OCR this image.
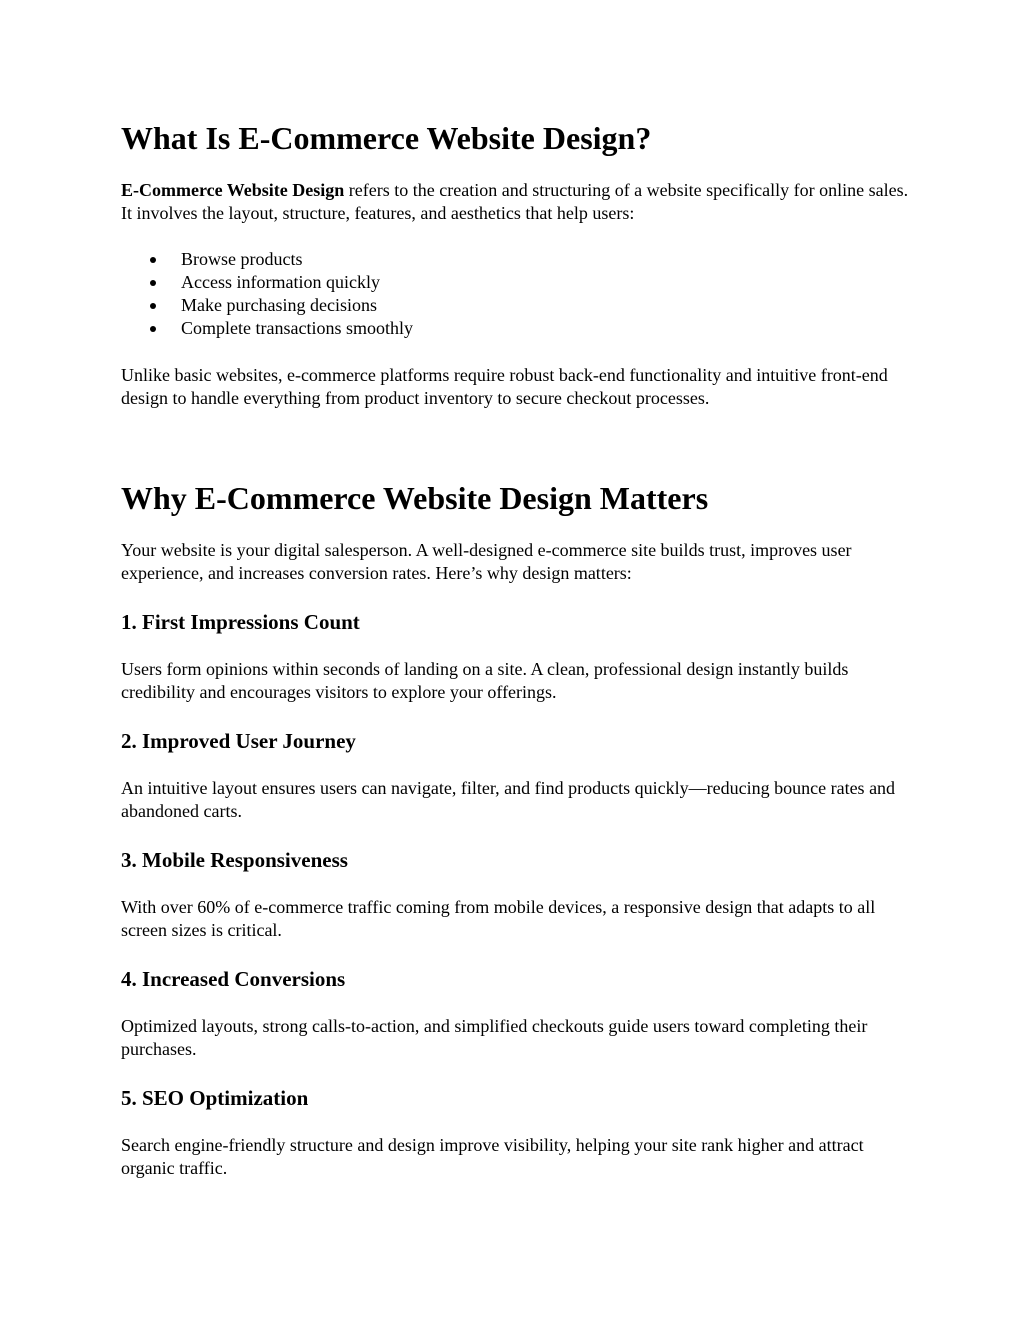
What Is E-Commerce Website Design?

E-Commerce Website Design refers to the creation and structuring of a website specifically for online sales. It involves the layout, structure, features, and aesthetics that help users:

Browse products
Access information quickly
Make purchasing decisions
Complete transactions smoothly

Unlike basic websites, e-commerce platforms require robust back-end functionality and intuitive front-end design to handle everything from product inventory to secure checkout processes.

Why E-Commerce Website Design Matters

Your website is your digital salesperson. A well-designed e-commerce site builds trust, improves user experience, and increases conversion rates. Here’s why design matters:

1. First Impressions Count

Users form opinions within seconds of landing on a site. A clean, professional design instantly builds credibility and encourages visitors to explore your offerings.

2. Improved User Journey

An intuitive layout ensures users can navigate, filter, and find products quickly—reducing bounce rates and abandoned carts.

3. Mobile Responsiveness

With over 60% of e-commerce traffic coming from mobile devices, a responsive design that adapts to all screen sizes is critical.

4. Increased Conversions

Optimized layouts, strong calls-to-action, and simplified checkouts guide users toward completing their purchases.

5. SEO Optimization

Search engine-friendly structure and design improve visibility, helping your site rank higher and attract organic traffic.
